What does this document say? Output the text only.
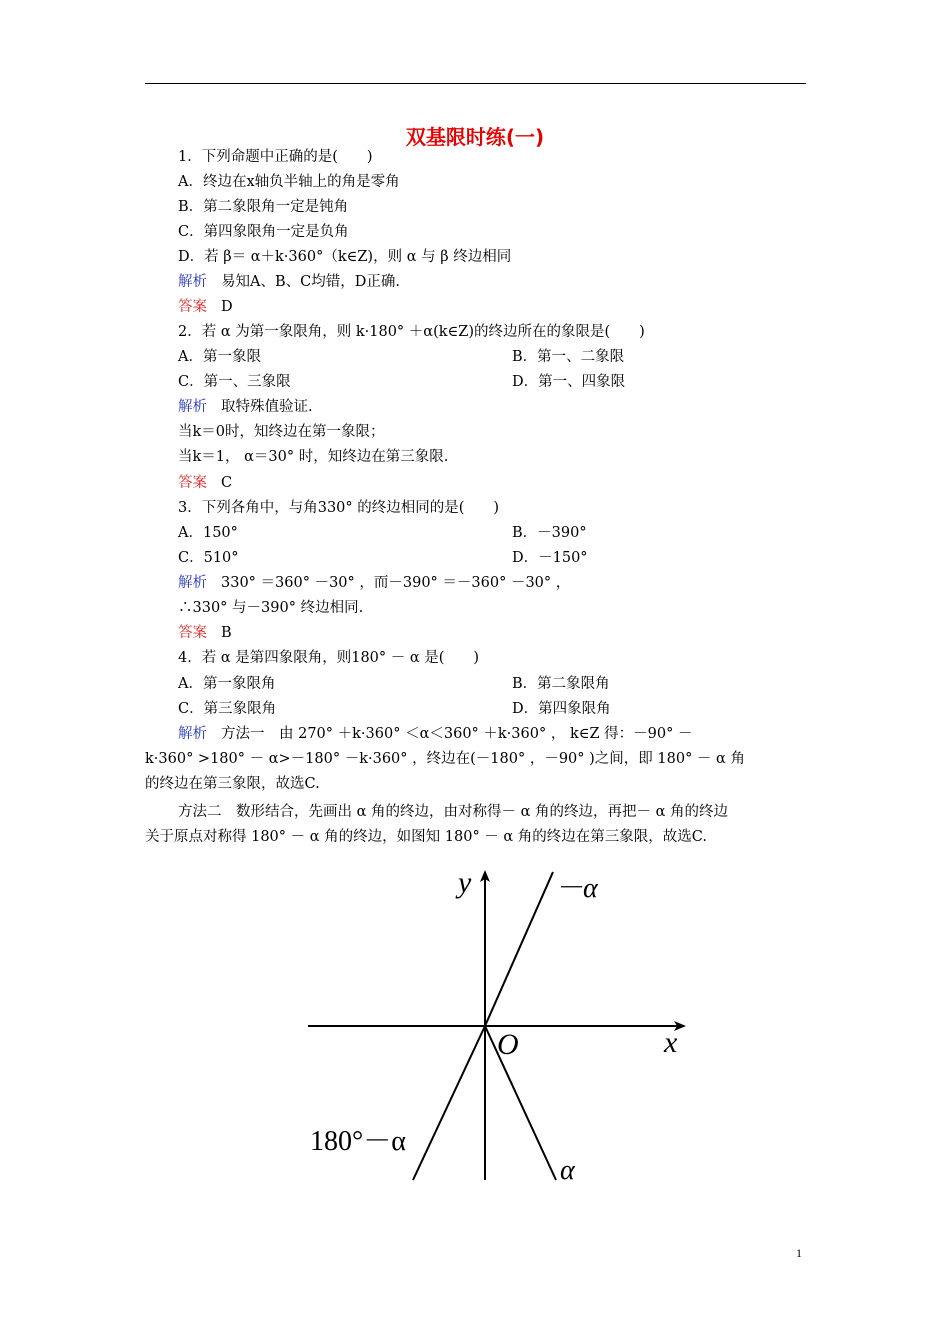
双基限时练(一)
1．下列命题中正确的是(　　)
A．终边在x轴负半轴上的角是零角
B．第二象限角一定是钝角
C．第四象限角一定是负角
D．若 β＝ α＋k·360°（k∈Z)，则 α 与 β 终边相同
解析 易知A、B、C均错，D正确.
答案 D
2．若 α 为第一象限角，则 k·180° ＋α(k∈Z)的终边所在的象限是(　　)
A．第一象限	B．第一、二象限
C．第一、三象限	D．第一、四象限
解析 取特殊值验证.
当k＝0时，知终边在第一象限；
当k＝1， α＝30° 时，知终边在第三象限.
答案 C
3．下列各角中，与角330° 的终边相同的是(　　)
A．150°	B．－390°
C．510°	D．－150°
解析 330° ＝360° －30° ，而－390° ＝－360° －30° ，
∴330° 与－390° 终边相同.
答案 B
4．若 α 是第四象限角，则180° － α 是(　　)
A．第一象限角	B．第二象限角
C．第三象限角	D．第四象限角
解析 方法一　由 270° ＋k·360° ＜α＜360° ＋k·360° ， k∈Z 得：－90° －
k·360° >180° － α>－180° －k·360° ，终边在(－180° ，－90° )之间，即 180° － α 角
的终边在第三象限，故选C.
方法二　数形结合，先画出 α 角的终边，由对称得－ α 角的终边，再把－ α 角的终边
关于原点对称得 180° － α 角的终边，如图知 180° － α 角的终边在第三象限，故选C.
y
x
O
－α
α
180°－α
1
